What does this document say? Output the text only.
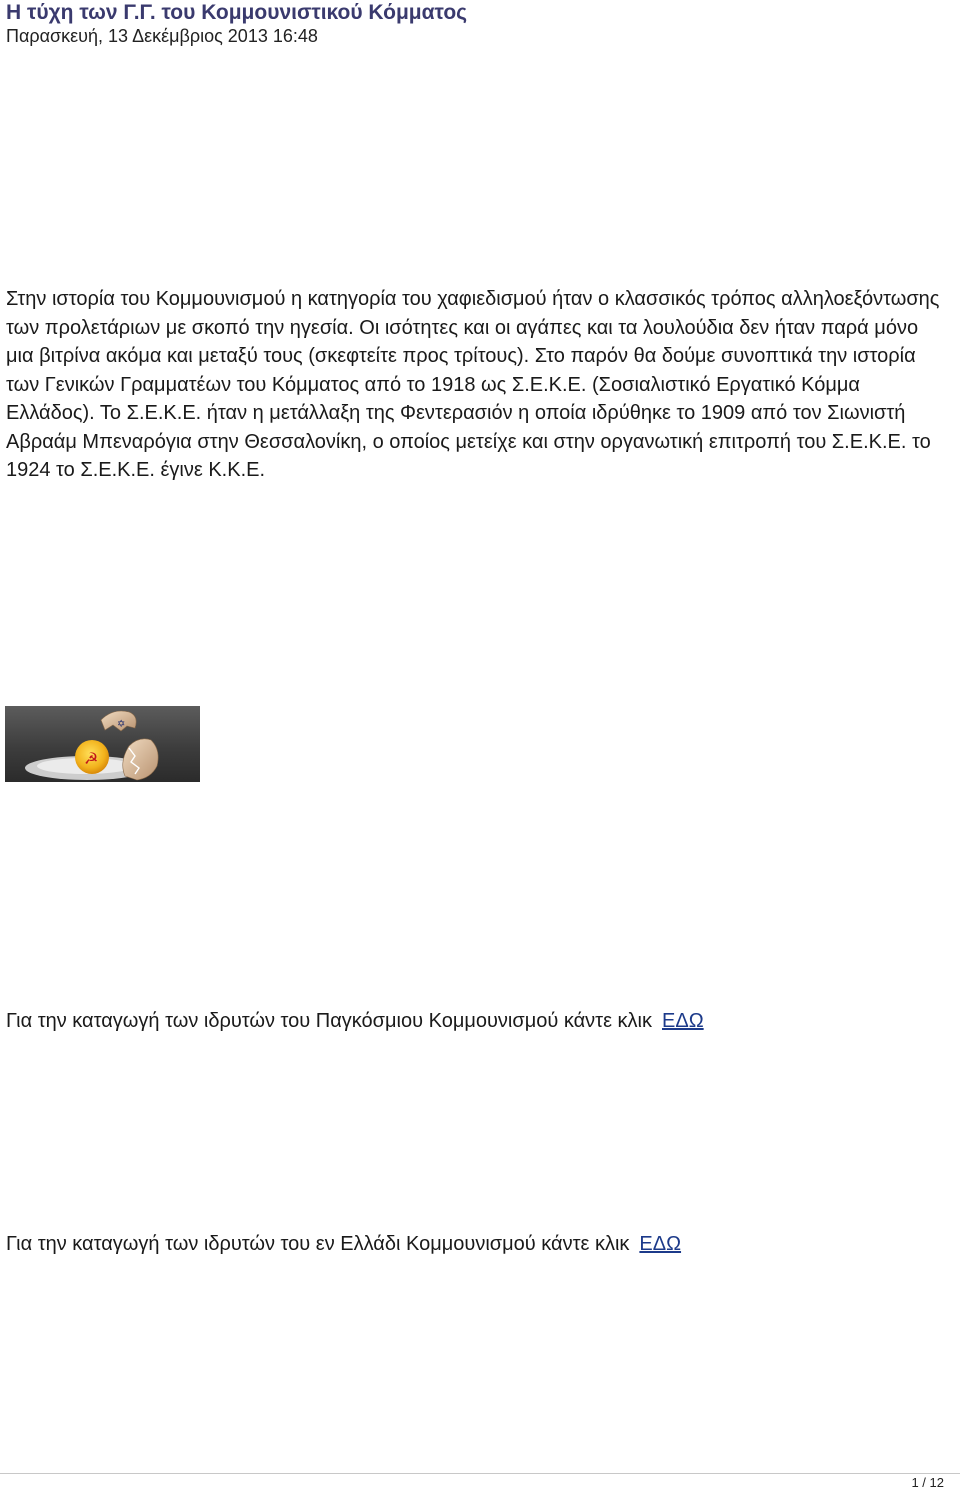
Η τύχη των Γ.Γ. του Κομμουνιστικού Κόμματος
Παρασκευή, 13 Δεκέμβριος 2013 16:48

Στην ιστορία του Κομμουνισμού η κατηγορία του χαφιεδισμού ήταν ο κλασσικός τρόπος αλληλοεξόντωσης των προλετάριων με σκοπό την ηγεσία. Οι ισότητες και οι αγάπες και τα λουλούδια δεν ήταν παρά μόνο μια βιτρίνα ακόμα και μεταξύ τους (σκεφτείτε προς τρίτους). Στο παρόν θα δούμε συνοπτικά την ιστορία των Γενικών Γραμματέων του Κόμματος από το 1918 ως Σ.Ε.Κ.Ε. (Σοσιαλιστικό Εργατικό Κόμμα Ελλάδος). Το Σ.Ε.Κ.Ε. ήταν η μετάλλαξη της Φεντερασιόν η οποία ιδρύθηκε το 1909 από τον Σιωνιστή Αβραάμ Μπεναρόγια στην Θεσσαλονίκη, ο οποίος μετείχε και στην οργανωτική επιτροπή του Σ.Ε.Κ.Ε. το 1924 το Σ.Ε.Κ.Ε. έγινε Κ.Κ.Ε.

✡
☭
Για την καταγωγή των ιδρυτών του Παγκόσμιου Κομμουνισμού κάντε κλικ ΕΔΩ
Για την καταγωγή των ιδρυτών του εν Ελλάδι Κομμουνισμού κάντε κλικ ΕΔΩ
1 / 12
